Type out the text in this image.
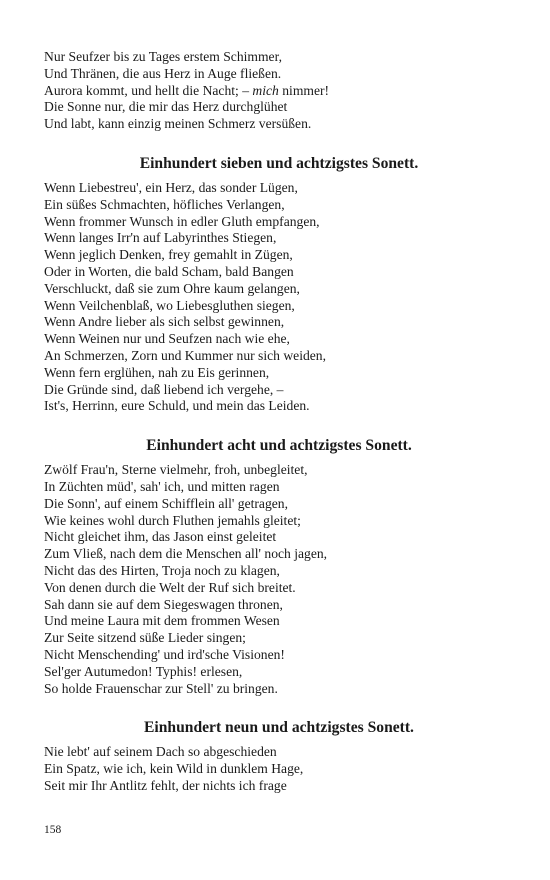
Nur Seufzer bis zu Tages erstem Schimmer,
Und Thränen, die aus Herz in Auge fließen.
Aurora kommt, und hellt die Nacht; – mich nimmer!
Die Sonne nur, die mir das Herz durchglühet
Und labt, kann einzig meinen Schmerz versüßen.
Einhundert sieben und achtzigstes Sonett.
Wenn Liebestreu', ein Herz, das sonder Lügen,
Ein süßes Schmachten, höfliches Verlangen,
Wenn frommer Wunsch in edler Gluth empfangen,
Wenn langes Irr'n auf Labyrinthes Stiegen,
Wenn jeglich Denken, frey gemahlt in Zügen,
Oder in Worten, die bald Scham, bald Bangen
Verschluckt, daß sie zum Ohre kaum gelangen,
Wenn Veilchenblaß, wo Liebesgluthen siegen,
Wenn Andre lieber als sich selbst gewinnen,
Wenn Weinen nur und Seufzen nach wie ehe,
An Schmerzen, Zorn und Kummer nur sich weiden,
Wenn fern erglühen, nah zu Eis gerinnen,
Die Gründe sind, daß liebend ich vergehe, –
Ist's, Herrinn, eure Schuld, und mein das Leiden.
Einhundert acht und achtzigstes Sonett.
Zwölf Frau'n, Sterne vielmehr, froh, unbegleitet,
In Züchten müd', sah' ich, und mitten ragen
Die Sonn', auf einem Schifflein all' getragen,
Wie keines wohl durch Fluthen jemahls gleitet;
Nicht gleichet ihm, das Jason einst geleitet
Zum Vließ, nach dem die Menschen all' noch jagen,
Nicht das des Hirten, Troja noch zu klagen,
Von denen durch die Welt der Ruf sich breitet.
Sah dann sie auf dem Siegeswagen thronen,
Und meine Laura mit dem frommen Wesen
Zur Seite sitzend süße Lieder singen;
Nicht Menschending' und ird'sche Visionen!
Sel'ger Autumedon! Typhis! erlesen,
So holde Frauenschar zur Stell' zu bringen.
Einhundert neun und achtzigstes Sonett.
Nie lebt' auf seinem Dach so abgeschieden
Ein Spatz, wie ich, kein Wild in dunklem Hage,
Seit mir Ihr Antlitz fehlt, der nichts ich frage
158
